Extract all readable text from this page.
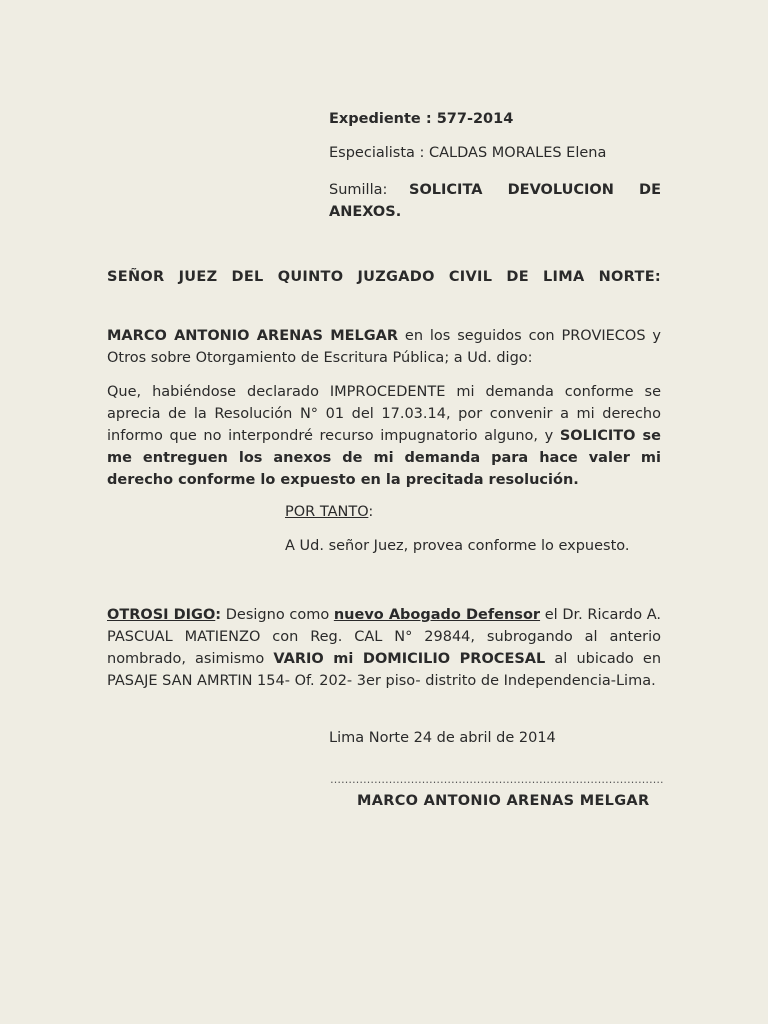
Expediente : 577-2014
Especialista : CALDAS MORALES Elena
Sumilla: SOLICITA DEVOLUCION DE
ANEXOS.
SEÑOR JUEZ DEL QUINTO JUZGADO CIVIL DE LIMA NORTE:
MARCO ANTONIO ARENAS MELGAR en los seguidos con PROVIECOS y Otros sobre Otorgamiento de Escritura Pública; a Ud. digo:
Que, habiéndose declarado IMPROCEDENTE mi demanda conforme se aprecia de la Resolución N° 01 del 17.03.14, por convenir a mi derecho informo que no interpondré recurso impugnatorio alguno, y SOLICITO se me entreguen los anexos de mi demanda para hace valer mi derecho conforme lo expuesto en la precitada resolución.
POR TANTO:
A Ud. señor Juez, provea conforme lo expuesto.
OTROSI DIGO: Designo como nuevo Abogado Defensor el Dr. Ricardo A. PASCUAL MATIENZO con Reg. CAL N° 29844, subrogando al anterio nombrado, asimismo VARIO mi DOMICILIO PROCESAL al ubicado en PASAJE SAN AMRTIN 154- Of. 202- 3er piso- distrito de Independencia-Lima.
Lima Norte 24 de abril de 2014
……………………………………………………………………………….
MARCO ANTONIO ARENAS MELGAR
